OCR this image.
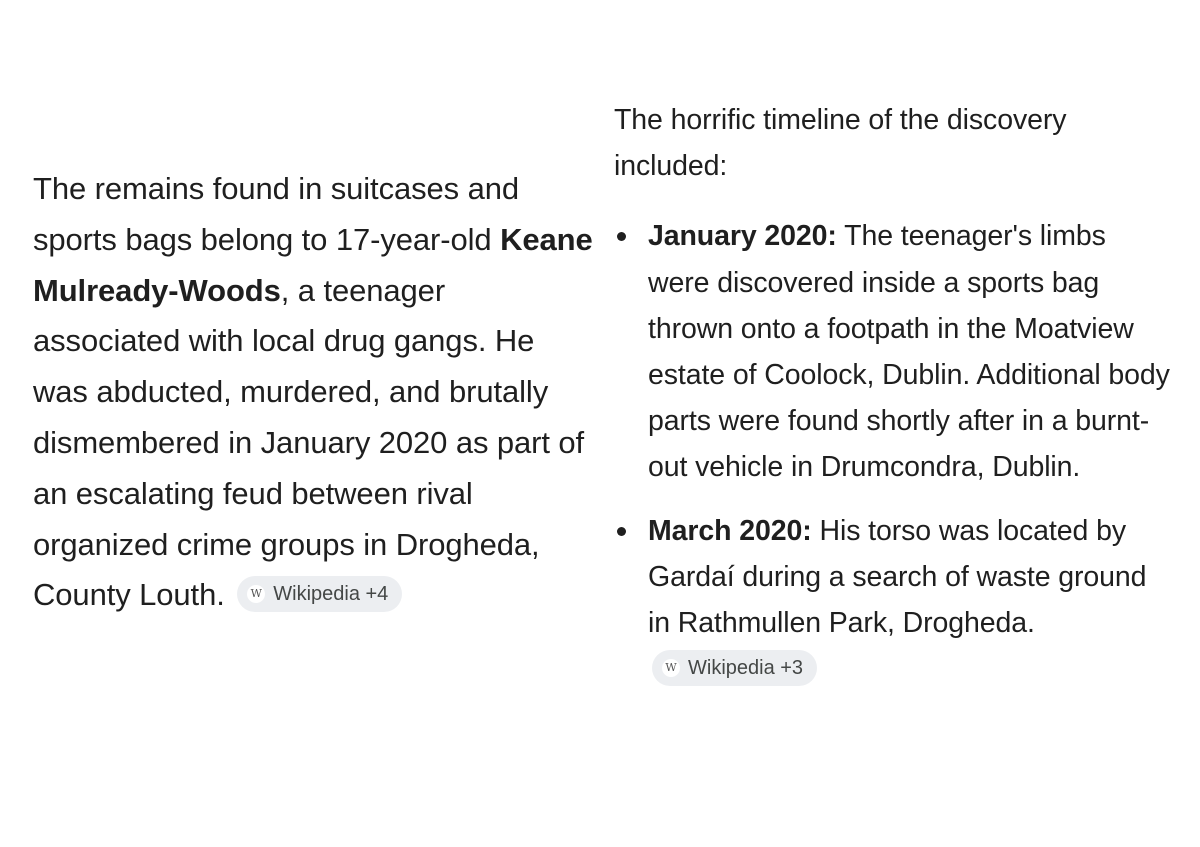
The remains found in suitcases and sports bags belong to 17-year-old Keane Mulready-Woods, a teenager associated with local drug gangs. He was abducted, murdered, and brutally dismembered in January 2020 as part of an escalating feud between rival organized crime groups in Drogheda, County Louth.	W Wikipedia +4

The horrific timeline of the discovery included:

January 2020: The teenager's limbs were discovered inside a sports bag thrown onto a footpath in the Moatview estate of Coolock, Dublin. Additional body parts were found shortly after in a burnt-out vehicle in Drumcondra, Dublin.
March 2020: His torso was located by Gardaí during a search of waste ground in Rathmullen Park, Drogheda.
W Wikipedia +3
